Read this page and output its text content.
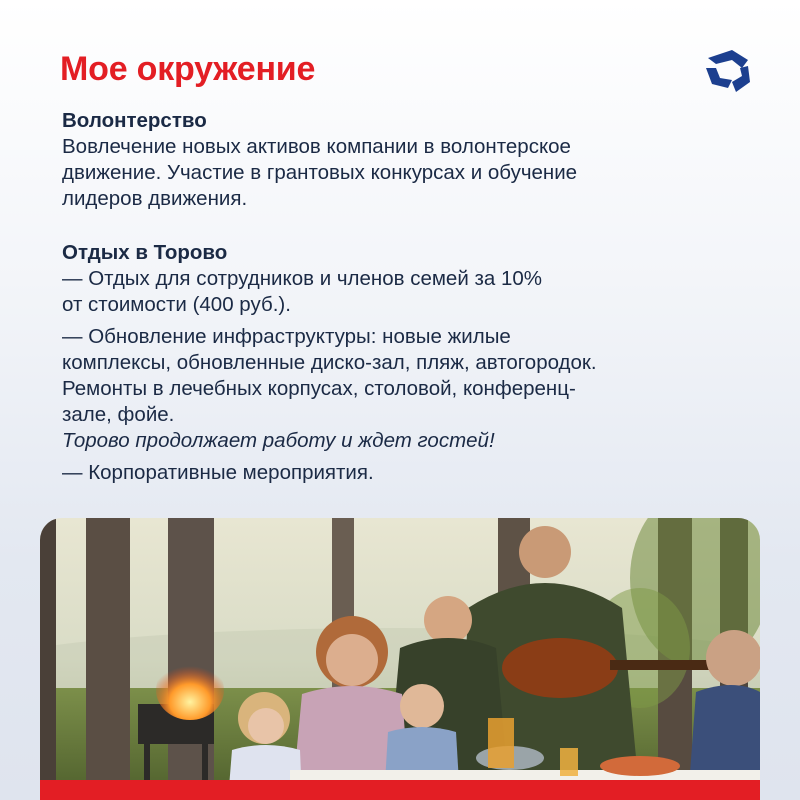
Мое окружение
Волонтерство
Вовлечение новых активов компании в волонтерское
движение. Участие в грантовых конкурсах и обучение
лидеров движения.
Отдых в Торово
— Отдых для сотрудников и членов семей за 10%
от стоимости (400 руб.).
— Обновление инфраструктуры: новые жилые
комплексы, обновленные диско-зал, пляж, автогородок.
Ремонты в лечебных корпусах, столовой, конференц-
зале, фойе.
Торово продолжает работу и ждет гостей!
— Корпоративные мероприятия.
